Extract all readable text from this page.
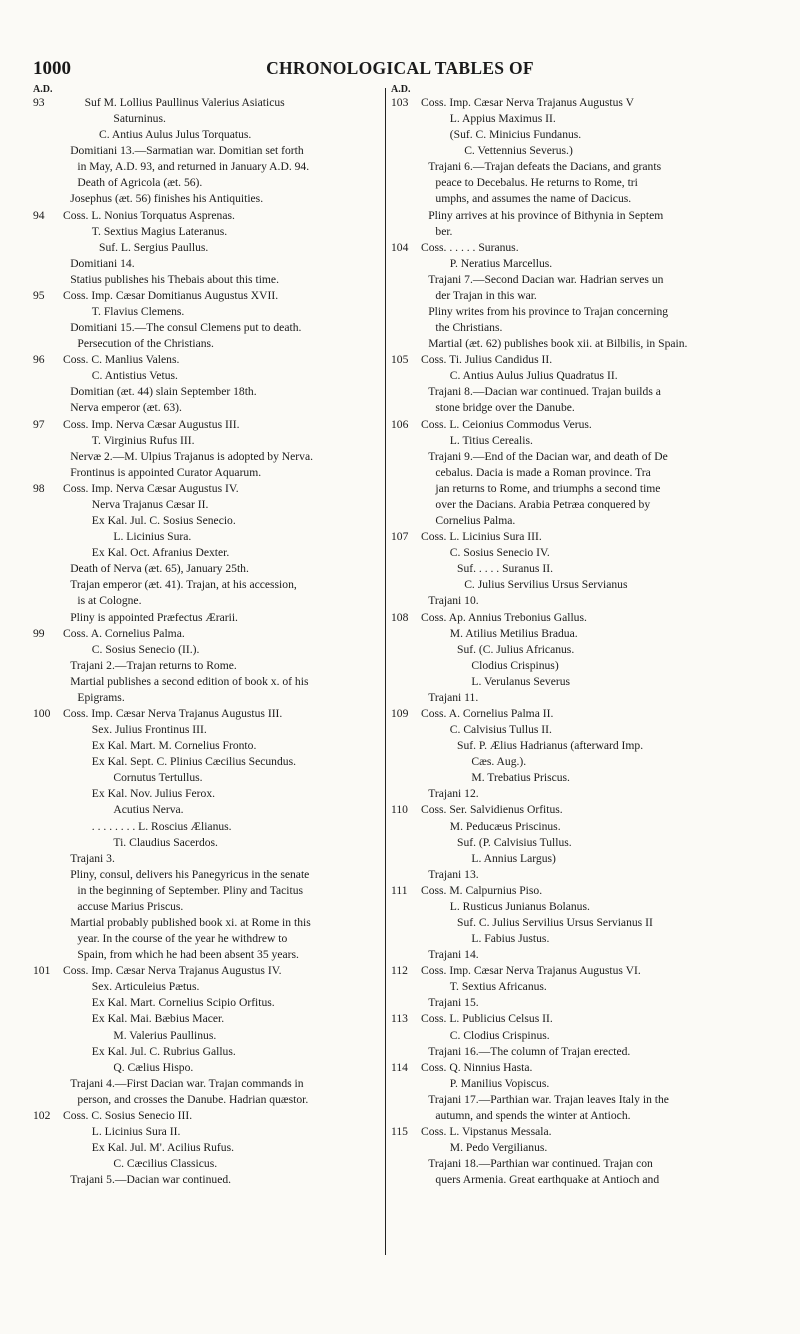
1000	CHRONOLOGICAL TABLES OF
A.D.
93	Suf M. Lollius Paullinus Valerius Asiaticus
Saturninus.
C. Antius Aulus Julus Torquatus.
Domitiani 13.—Sarmatian war. Domitian set forth
in May, A.D. 93, and returned in January A.D. 94.
Death of Agricola (æt. 56).
Josephus (æt. 56) finishes his Antiquities.
94 Coss. L. Nonius Torquatus Asprenas.
T. Sextius Magius Lateranus.
Suf. L. Sergius Paullus.
Domitiani 14.
Statius publishes his Thebais about this time.
95 Coss. Imp. Cæsar Domitianus Augustus XVII.
T. Flavius Clemens.
Domitiani 15.—The consul Clemens put to death.
Persecution of the Christians.
96 Coss. C. Manlius Valens.
C. Antistius Vetus.
Domitian (æt. 44) slain September 18th.
Nerva emperor (æt. 63).
97 Coss. Imp. Nerva Cæsar Augustus III.
T. Virginius Rufus III.
Nervæ 2.—M. Ulpius Trajanus is adopted by Nerva.
Frontinus is appointed Curator Aquarum.
98 Coss. Imp. Nerva Cæsar Augustus IV.
Nerva Trajanus Cæsar II.
Ex Kal. Jul. C. Sosius Senecio.
L. Licinius Sura.
Ex Kal. Oct. Afranius Dexter.
Death of Nerva (æt. 65), January 25th.
Trajan emperor (æt. 41). Trajan, at his accession,
is at Cologne.
Pliny is appointed Præfectus Ærarii.
99 Coss. A. Cornelius Palma.
C. Sosius Senecio (II.).
Trajani 2.—Trajan returns to Rome.
Martial publishes a second edition of book x. of his
Epigrams.
100 Coss. Imp. Cæsar Nerva Trajanus Augustus III.
Sex. Julius Frontinus III.
Ex Kal. Mart. M. Cornelius Fronto.
Ex Kal. Sept. C. Plinius Cæcilius Secundus.
Cornutus Tertullus.
Ex Kal. Nov. Julius Ferox.
Acutius Nerva.
. . . . . . . . L. Roscius Ælianus.
Ti. Claudius Sacerdos.
Trajani 3.
Pliny, consul, delivers his Panegyricus in the senate
in the beginning of September. Pliny and Tacitus
accuse Marius Priscus.
Martial probably published book xi. at Rome in this
year. In the course of the year he withdrew to
Spain, from which he had been absent 35 years.
101 Coss. Imp. Cæsar Nerva Trajanus Augustus IV.
Sex. Articuleius Pætus.
Ex Kal. Mart. Cornelius Scipio Orfitus.
Ex Kal. Mai. Bæbius Macer.
M. Valerius Paullinus.
Ex Kal. Jul. C. Rubrius Gallus.
Q. Cælius Hispo.
Trajani 4.—First Dacian war. Trajan commands in
person, and crosses the Danube. Hadrian quæstor.
102 Coss. C. Sosius Senecio III.
L. Licinius Sura II.
Ex Kal. Jul. M'. Acilius Rufus.
C. Cæcilius Classicus.
Trajani 5.—Dacian war continued.
A.D.
103 Coss. Imp. Cæsar Nerva Trajanus Augustus V
L. Appius Maximus II.
(Suf. C. Minicius Fundanus.
C. Vettennius Severus.)
Trajani 6.—Trajan defeats the Dacians, and grants
peace to Decebalus. He returns to Rome, tri
umphs, and assumes the name of Dacicus.
Pliny arrives at his province of Bithynia in Septem
ber.
104 Coss. . . . . . Suranus.
P. Neratius Marcellus.
Trajani 7.—Second Dacian war. Hadrian serves un
der Trajan in this war.
Pliny writes from his province to Trajan concerning
the Christians.
Martial (æt. 62) publishes book xii. at Bilbilis, in Spain.
105 Coss. Ti. Julius Candidus II.
C. Antius Aulus Julius Quadratus II.
Trajani 8.—Dacian war continued. Trajan builds a
stone bridge over the Danube.
106 Coss. L. Ceionius Commodus Verus.
L. Titius Cerealis.
Trajani 9.—End of the Dacian war, and death of De
cebalus. Dacia is made a Roman province. Tra
jan returns to Rome, and triumphs a second time
over the Dacians. Arabia Petræa conquered by
Cornelius Palma.
107 Coss. L. Licinius Sura III.
C. Sosius Senecio IV.
Suf. . . . . Suranus II.
C. Julius Servilius Ursus Servianus
Trajani 10.
108 Coss. Ap. Annius Trebonius Gallus.
M. Atilius Metilius Bradua.
Suf. (C. Julius Africanus.
Clodius Crispinus)
L. Verulanus Severus
Trajani 11.
109 Coss. A. Cornelius Palma II.
C. Calvisius Tullus II.
Suf. P. Ælius Hadrianus (afterward Imp.
Cæs. Aug.).
M. Trebatius Priscus.
Trajani 12.
110 Coss. Ser. Salvidienus Orfitus.
M. Peducæus Priscinus.
Suf. (P. Calvisius Tullus.
L. Annius Largus)
Trajani 13.
111 Coss. M. Calpurnius Piso.
L. Rusticus Junianus Bolanus.
Suf. C. Julius Servilius Ursus Servianus II
L. Fabius Justus.
Trajani 14.
112 Coss. Imp. Cæsar Nerva Trajanus Augustus VI.
T. Sextius Africanus.
Trajani 15.
113 Coss. L. Publicius Celsus II.
C. Clodius Crispinus.
Trajani 16.—The column of Trajan erected.
114 Coss. Q. Ninnius Hasta.
P. Manilius Vopiscus.
Trajani 17.—Parthian war. Trajan leaves Italy in the
autumn, and spends the winter at Antioch.
115 Coss. L. Vipstanus Messala.
M. Pedo Vergilianus.
Trajani 18.—Parthian war continued. Trajan con
quers Armenia. Great earthquake at Antioch and
